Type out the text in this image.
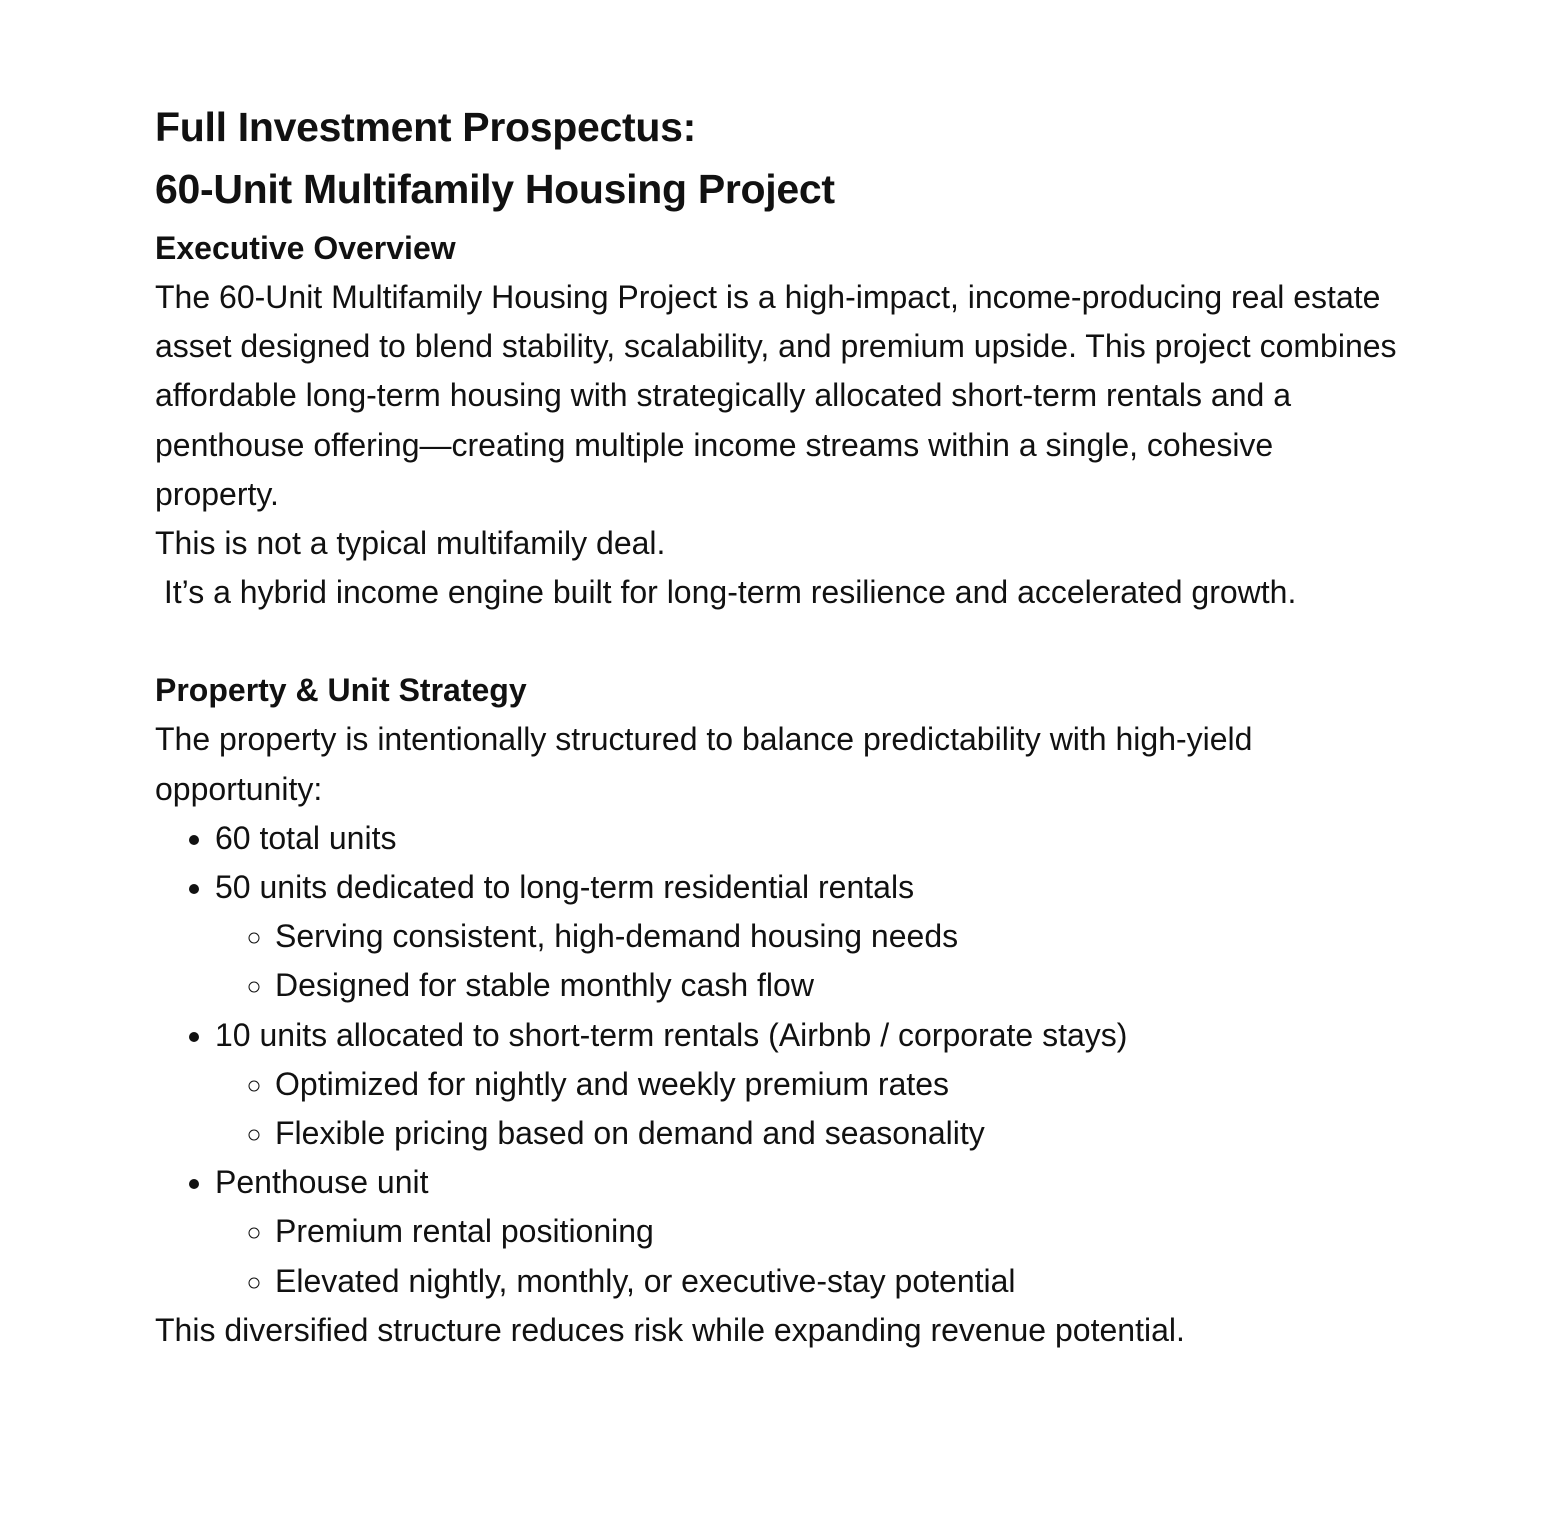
Full Investment Prospectus:
60-Unit Multifamily Housing Project
Executive Overview

The 60-Unit Multifamily Housing Project is a high-impact, income-producing real estate asset designed to blend stability, scalability, and premium upside. This project combines affordable long-term housing with strategically allocated short-term rentals and a penthouse offering—creating multiple income streams within a single, cohesive property.

This is not a typical multifamily deal.

It’s a hybrid income engine built for long-term resilience and accelerated growth.

Property & Unit Strategy

The property is intentionally structured to balance predictability with high-yield opportunity:

• 60 total units
• 50 units dedicated to long-term residential rentals
◦ Serving consistent, high-demand housing needs
◦ Designed for stable monthly cash flow
• 10 units allocated to short-term rentals (Airbnb / corporate stays)
◦ Optimized for nightly and weekly premium rates
◦ Flexible pricing based on demand and seasonality
• Penthouse unit
◦ Premium rental positioning
◦ Elevated nightly, monthly, or executive-stay potential

This diversified structure reduces risk while expanding revenue potential.
